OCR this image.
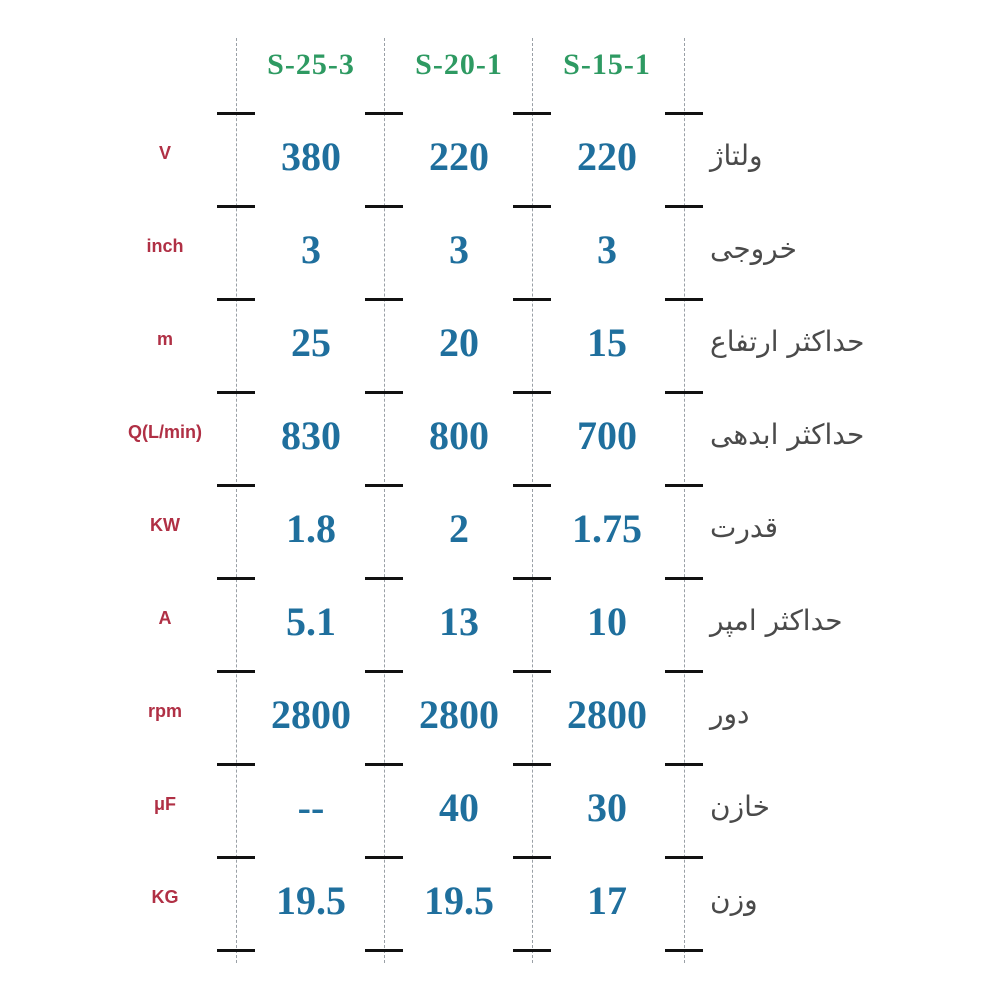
S-25-3	S-20-1	S-15-1
V	380	220	220	ولتاژ
inch	3	3	3	خروجی
m	25	20	15	حداکثر ارتفاع
Q(L/min)	830	800	700	حداکثر ابدهی
KW	1.8	2	1.75	قدرت
A	5.1	13	10	حداکثر امپر
rpm	2800	2800	2800	دور
μF	--	40	30	خازن
KG	19.5	19.5	17	وزن
